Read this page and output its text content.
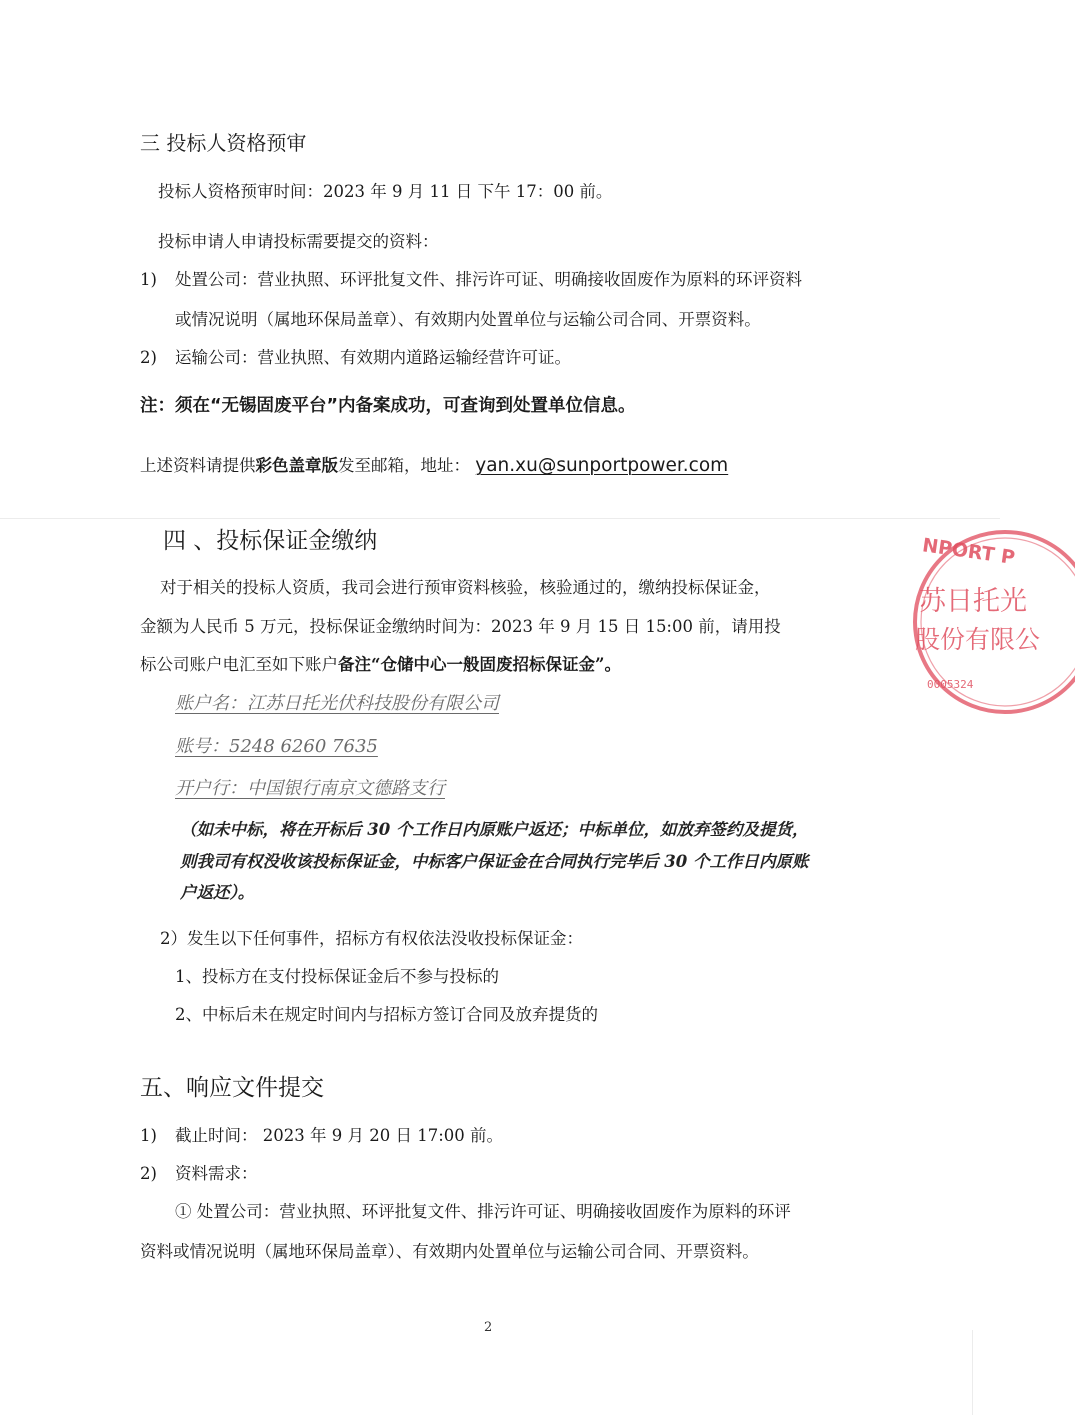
三 投标人资格预审
投标人资格预审时间：2023 年 9 月 11 日 下午 17：00 前。
投标申请人申请投标需要提交的资料：
1) 处置公司：营业执照、环评批复文件、排污许可证、明确接收固废作为原料的环评资料
或情况说明（属地环保局盖章）、有效期内处置单位与运输公司合同、开票资料。
2) 运输公司：营业执照、有效期内道路运输经营许可证。
注：须在“无锡固废平台”内备案成功，可查询到处置单位信息。
上述资料请提供彩色盖章版发至邮箱，地址： yan.xu@sunportpower.com
四 、投标保证金缴纳
对于相关的投标人资质，我司会进行预审资料核验，核验通过的，缴纳投标保证金，
金额为人民币 5 万元，投标保证金缴纳时间为：2023 年 9 月 15 日 15:00 前，请用投
标公司账户电汇至如下账户备注“仓储中心一般固废招标保证金”。
账户名：江苏日托光伏科技股份有限公司
账号：5248 6260 7635
开户行：中国银行南京文德路支行
（如未中标，将在开标后 30 个工作日内原账户返还；中标单位，如放弃签约及提货，
则我司有权没收该投标保证金，中标客户保证金在合同执行完毕后 30 个工作日内原账
户返还）。
2）发生以下任何事件，招标方有权依法没收投标保证金：
1、投标方在支付投标保证金后不参与投标的
2、中标后未在规定时间内与招标方签订合同及放弃提货的
五、响应文件提交
1) 截止时间： 2023 年 9 月 20 日 17:00 前。
2) 资料需求：
① 处置公司：营业执照、环评批复文件、排污许可证、明确接收固废作为原料的环评
资料或情况说明（属地环保局盖章）、有效期内处置单位与运输公司合同、开票资料。
2
NPORT P
苏日托光
股份有限公
0005324
